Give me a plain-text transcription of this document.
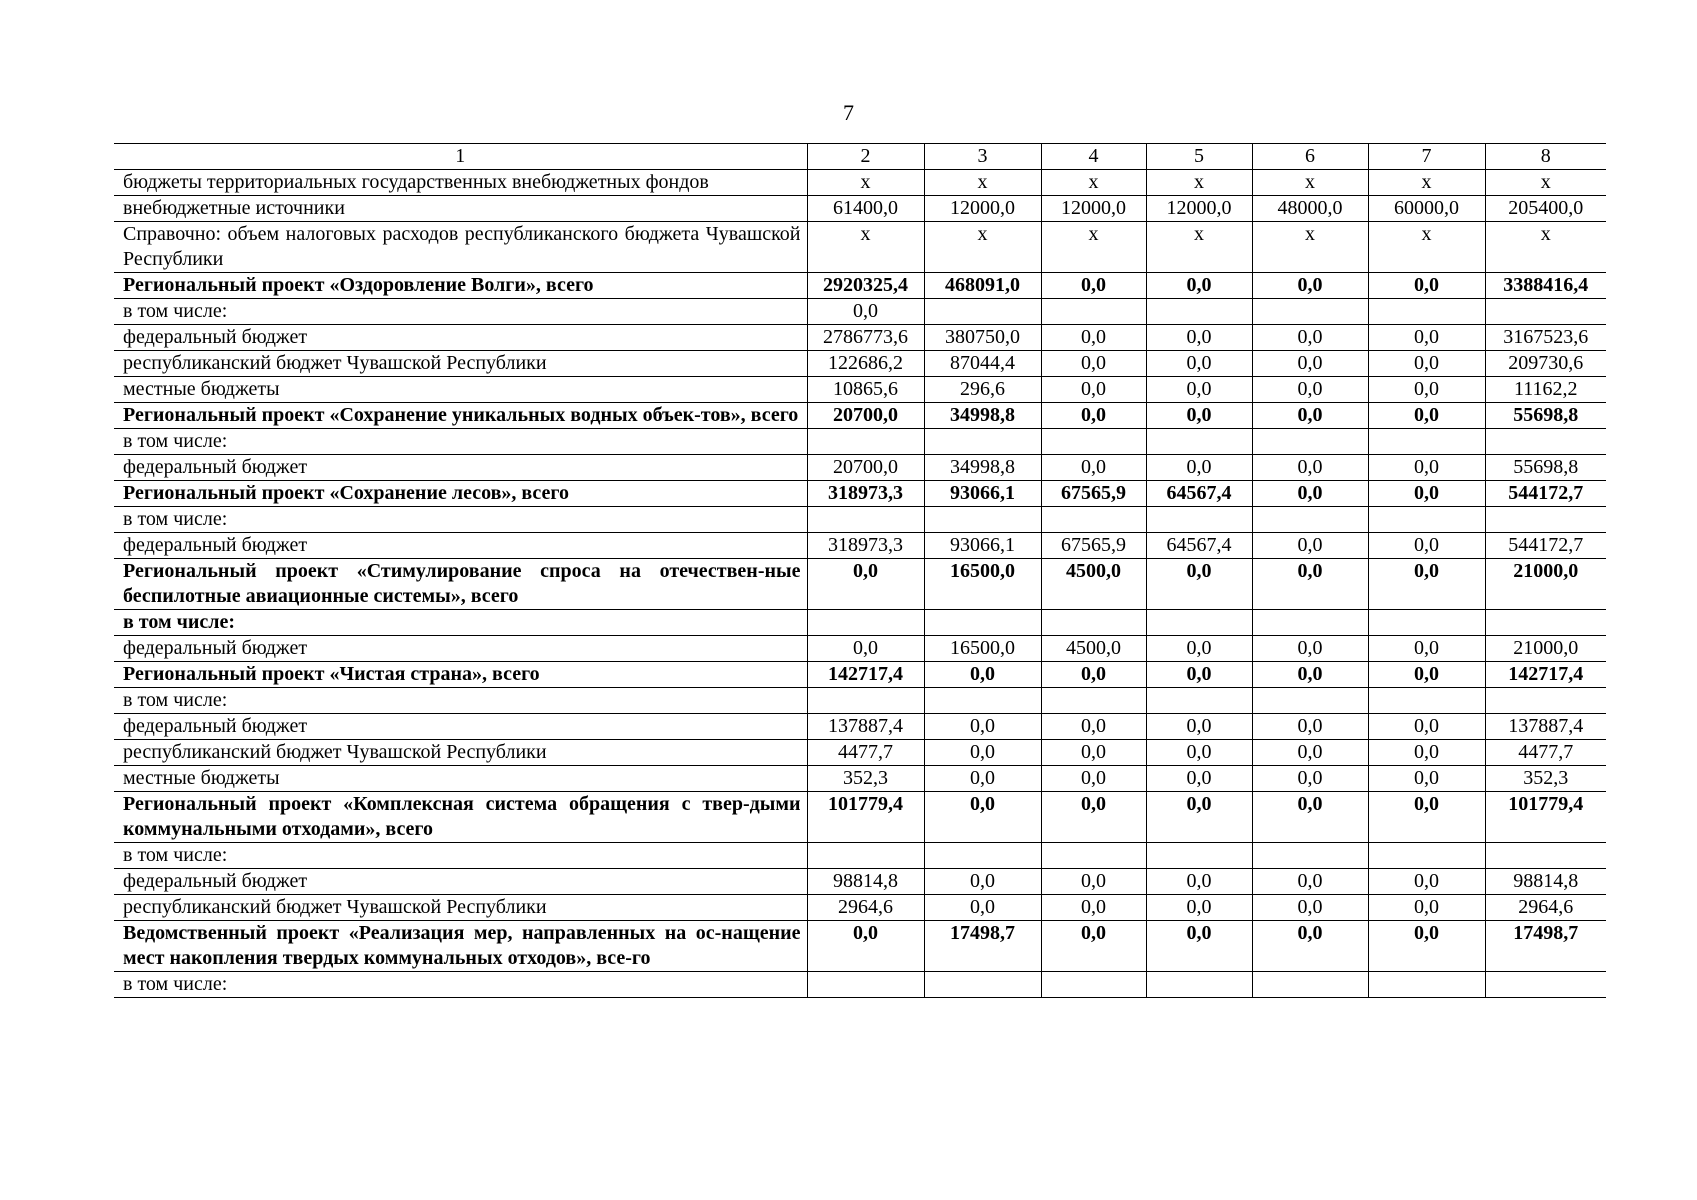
7
1	2	3	4	5	6	7	8
бюджеты территориальных государственных внебюджетных фондов	х	х	х	х	х	х	х
внебюджетные источники	61400,0	12000,0	12000,0	12000,0	48000,0	60000,0	205400,0
Справочно: объем налоговых расходов республиканского бюджета Чувашской Республики	х	х	х	х	х	х	х
Региональный проект «Оздоровление Волги», всего	2920325,4	468091,0	0,0	0,0	0,0	0,0	3388416,4
в том числе:	0,0						
федеральный бюджет	2786773,6	380750,0	0,0	0,0	0,0	0,0	3167523,6
республиканский бюджет Чувашской Республики	122686,2	87044,4	0,0	0,0	0,0	0,0	209730,6
местные бюджеты	10865,6	296,6	0,0	0,0	0,0	0,0	11162,2
Региональный проект «Сохранение уникальных водных объек-тов», всего	20700,0	34998,8	0,0	0,0	0,0	0,0	55698,8
в том числе:							
федеральный бюджет	20700,0	34998,8	0,0	0,0	0,0	0,0	55698,8
Региональный проект «Сохранение лесов», всего	318973,3	93066,1	67565,9	64567,4	0,0	0,0	544172,7
в том числе:							
федеральный бюджет	318973,3	93066,1	67565,9	64567,4	0,0	0,0	544172,7
Региональный проект «Стимулирование спроса на отечествен-ные беспилотные авиационные системы», всего	0,0	16500,0	4500,0	0,0	0,0	0,0	21000,0
в том числе:							
федеральный бюджет	0,0	16500,0	4500,0	0,0	0,0	0,0	21000,0
Региональный проект «Чистая страна», всего	142717,4	0,0	0,0	0,0	0,0	0,0	142717,4
в том числе:							
федеральный бюджет	137887,4	0,0	0,0	0,0	0,0	0,0	137887,4
республиканский бюджет Чувашской Республики	4477,7	0,0	0,0	0,0	0,0	0,0	4477,7
местные бюджеты	352,3	0,0	0,0	0,0	0,0	0,0	352,3
Региональный проект «Комплексная система обращения с твер-дыми коммунальными отходами», всего	101779,4	0,0	0,0	0,0	0,0	0,0	101779,4
в том числе:							
федеральный бюджет	98814,8	0,0	0,0	0,0	0,0	0,0	98814,8
республиканский бюджет Чувашской Республики	2964,6	0,0	0,0	0,0	0,0	0,0	2964,6
Ведомственный проект «Реализация мер, направленных на ос-нащение мест накопления твердых коммунальных отходов», все-го	0,0	17498,7	0,0	0,0	0,0	0,0	17498,7
в том числе:							
